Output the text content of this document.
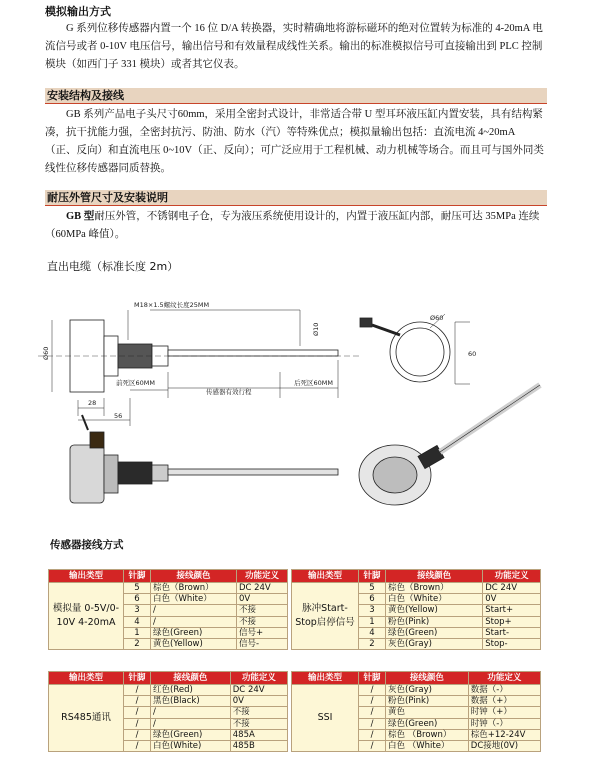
模拟输出方式
G 系列位移传感器内置一个 16 位 D/A 转换器，实时精确地将游标磁环的绝对位置转为标准的 4-20mA 电流信号或者 0-10V 电压信号，输出信号和有效量程成线性关系。输出的标准模拟信号可直接输出到 PLC 控制模块（如西门子 331 模块）或者其它仪表。
安装结构及接线
GB 系列产品电子头尺寸60mm，采用全密封式设计，非常适合带 U 型耳环液压缸内置安装，具有结构紧凑，抗干扰能力强，全密封抗污、防油、防水（汽）等特殊优点；模拟量输出包括：直流电流 4~20mA（正、反向）和直流电压 0~10V（正、反向）；可广泛应用于工程机械、动力机械等场合。而且可与国外同类线性位移传感器同质替换。
耐压外管尺寸及安装说明
GB 型耐压外管，不锈钢电子仓，专为液压系统使用设计的，内置于液压缸内部，耐压可达 35MPa 连续（60MPa 峰值）。
直出电缆（标准长度 2m）
M18×1.5螺纹长度25MM
Ø60
Ø10
28
56
前死区60MM
传感器有效行程
后死区60MM
Ø60
60
传感器接线方式
输出类型	针脚	接线颜色	功能定义
模拟量 0-5V/0-10V 4-20mA	5	棕色（Brown）	DC 24V
	6	白色（White）	0V
	3	/	不接
	4	/	不接
	1	绿色(Green)	信号+
	2	黄色(Yellow)	信号-
输出类型	针脚	接线颜色	功能定义
脉冲Start-Stop启停信号	5	棕色（Brown）	DC 24V
	6	白色（White）	0V
	3	黄色(Yellow)	Start+
	1	粉色(Pink)	Stop+
	4	绿色(Green)	Start-
	2	灰色(Gray)	Stop-
输出类型	针脚	接线颜色	功能定义
RS485通讯	/	红色(Red)	DC 24V
	/	黑色(Black)	0V
	/	/	不接
	/	/	不接
	/	绿色(Green)	485A
	/	白色(White)	485B
输出类型	针脚	接线颜色	功能定义
SSI	/	灰色(Gray)	数据（-）
	/	粉色(Pink)	数据（+）
	/	黄色	时钟（+）
	/	绿色(Green)	时钟（-）
	/	棕色 （Brown）	棕色+12-24V
	/	白色 （White）	DC接地(0V)
